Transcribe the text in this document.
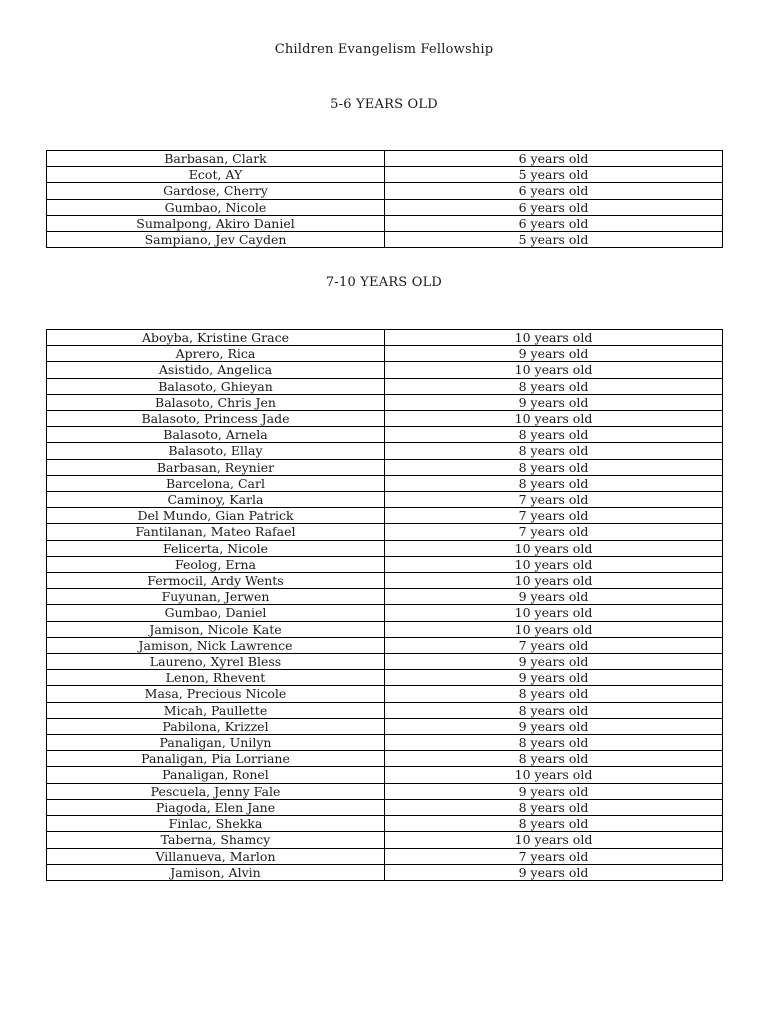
Children Evangelism Fellowship
5-6 YEARS OLD
Barbasan, Clark	6 years old
Ecot, AY	5 years old
Gardose, Cherry	6 years old
Gumbao, Nicole	6 years old
Sumalpong, Akiro Daniel	6 years old
Sampiano, Jev Cayden	5 years old
7-10 YEARS OLD
Aboyba, Kristine Grace	10 years old
Aprero, Rica	9 years old
Asistido, Angelica	10 years old
Balasoto, Ghieyan	8 years old
Balasoto, Chris Jen	9 years old
Balasoto, Princess Jade	10 years old
Balasoto, Arnela	8 years old
Balasoto, Ellay	8 years old
Barbasan, Reynier	8 years old
Barcelona, Carl	8 years old
Caminoy, Karla	7 years old
Del Mundo, Gian Patrick	7 years old
Fantilanan, Mateo Rafael	7 years old
Felicerta, Nicole	10 years old
Feolog, Erna	10 years old
Fermocil, Ardy Wents	10 years old
Fuyunan, Jerwen	9 years old
Gumbao, Daniel	10 years old
Jamison, Nicole Kate	10 years old
Jamison, Nick Lawrence	7 years old
Laureno, Xyrel Bless	9 years old
Lenon, Rhevent	9 years old
Masa, Precious Nicole	8 years old
Micah, Paullette	8 years old
Pabilona, Krizzel	9 years old
Panaligan, Unilyn	8 years old
Panaligan, Pia Lorriane	8 years old
Panaligan, Ronel	10 years old
Pescuela, Jenny Fale	9 years old
Piagoda, Elen Jane	8 years old
Finlac, Shekka	8 years old
Taberna, Shamcy	10 years old
Villanueva, Marlon	7 years old
Jamison, Alvin	9 years old
